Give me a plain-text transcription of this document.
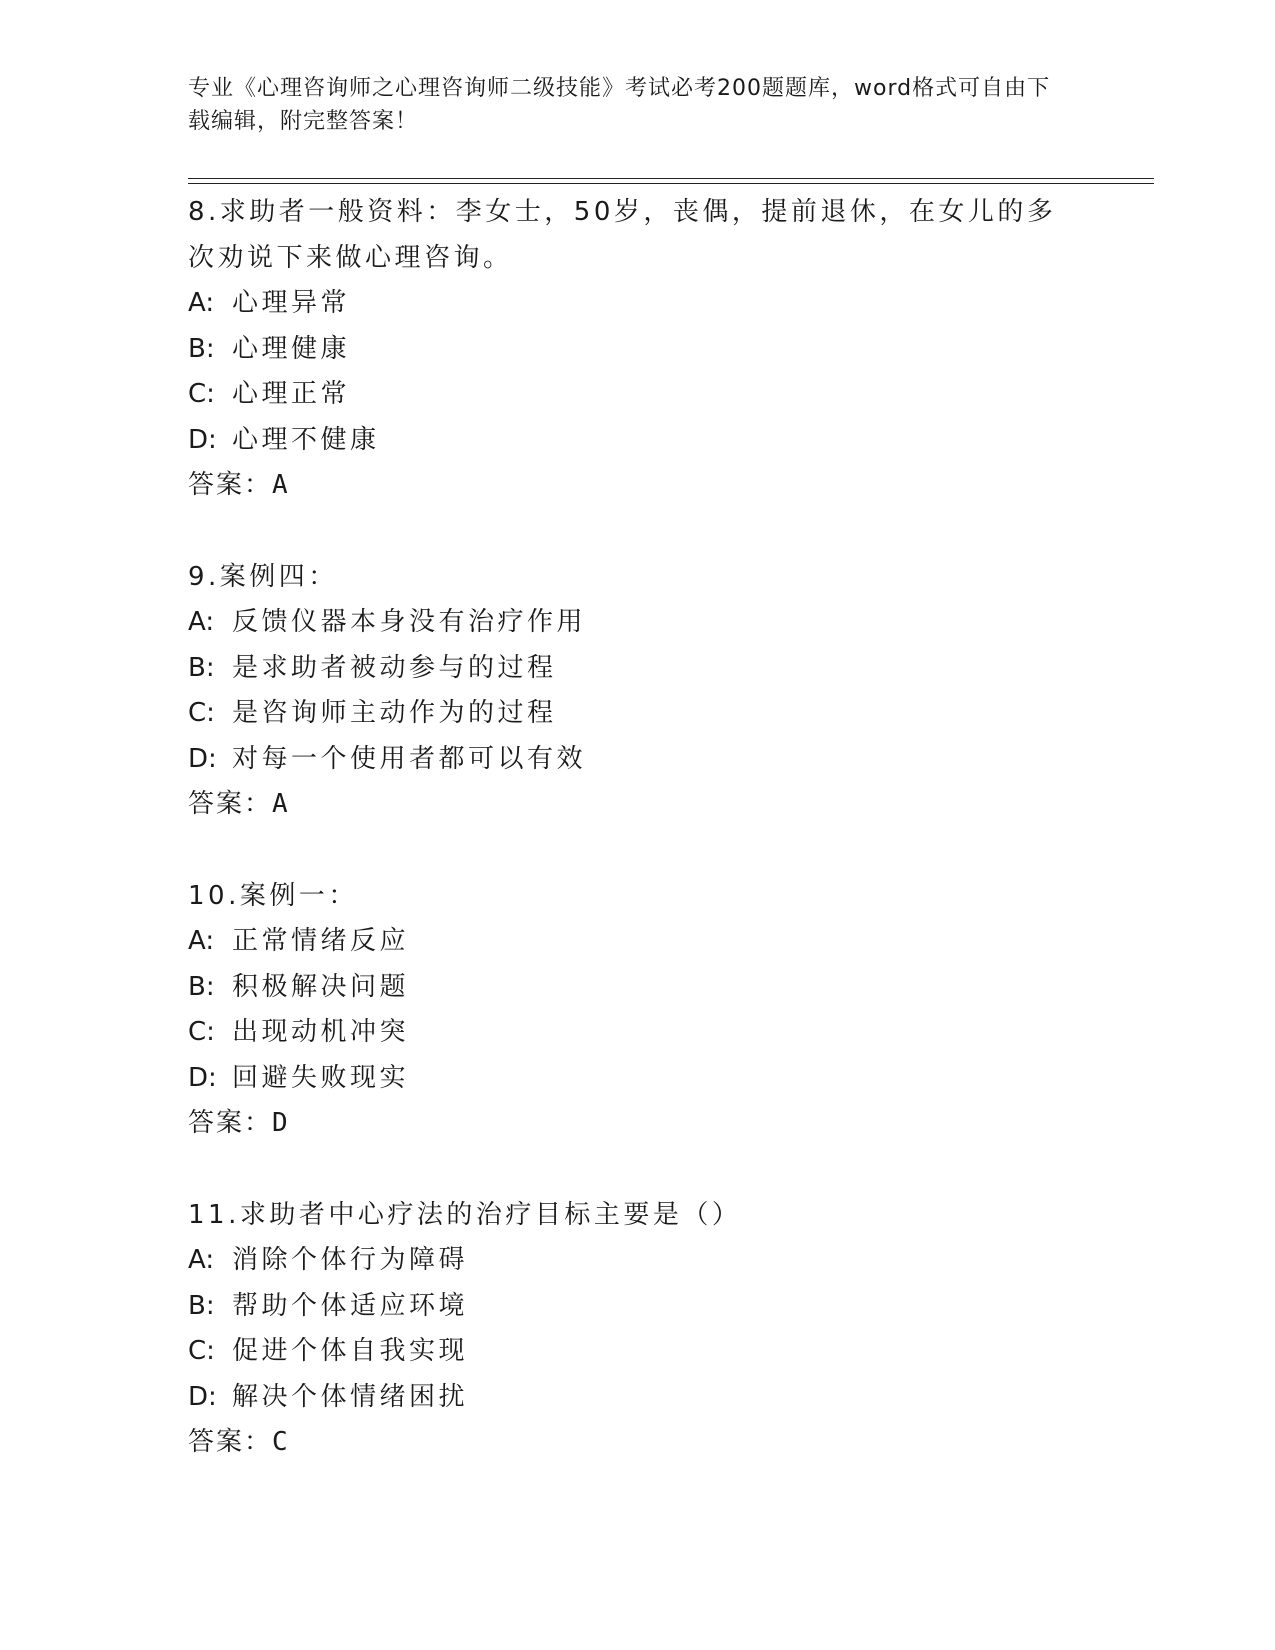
专业《心理咨询师之心理咨询师二级技能》考试必考200题题库，word格式可自由下载编辑，附完整答案！
8.求助者一般资料：李女士，50岁，丧偶，提前退休，在女儿的多次劝说下来做心理咨询。
A: 心理异常
B: 心理健康
C: 心理正常
D: 心理不健康
答案：A
9.案例四：
A: 反馈仪器本身没有治疗作用
B: 是求助者被动参与的过程
C: 是咨询师主动作为的过程
D: 对每一个使用者都可以有效
答案：A
10.案例一：
A: 正常情绪反应
B: 积极解决问题
C: 出现动机冲突
D: 回避失败现实
答案：D
11.求助者中心疗法的治疗目标主要是（）
A: 消除个体行为障碍
B: 帮助个体适应环境
C: 促进个体自我实现
D: 解决个体情绪困扰
答案：C
